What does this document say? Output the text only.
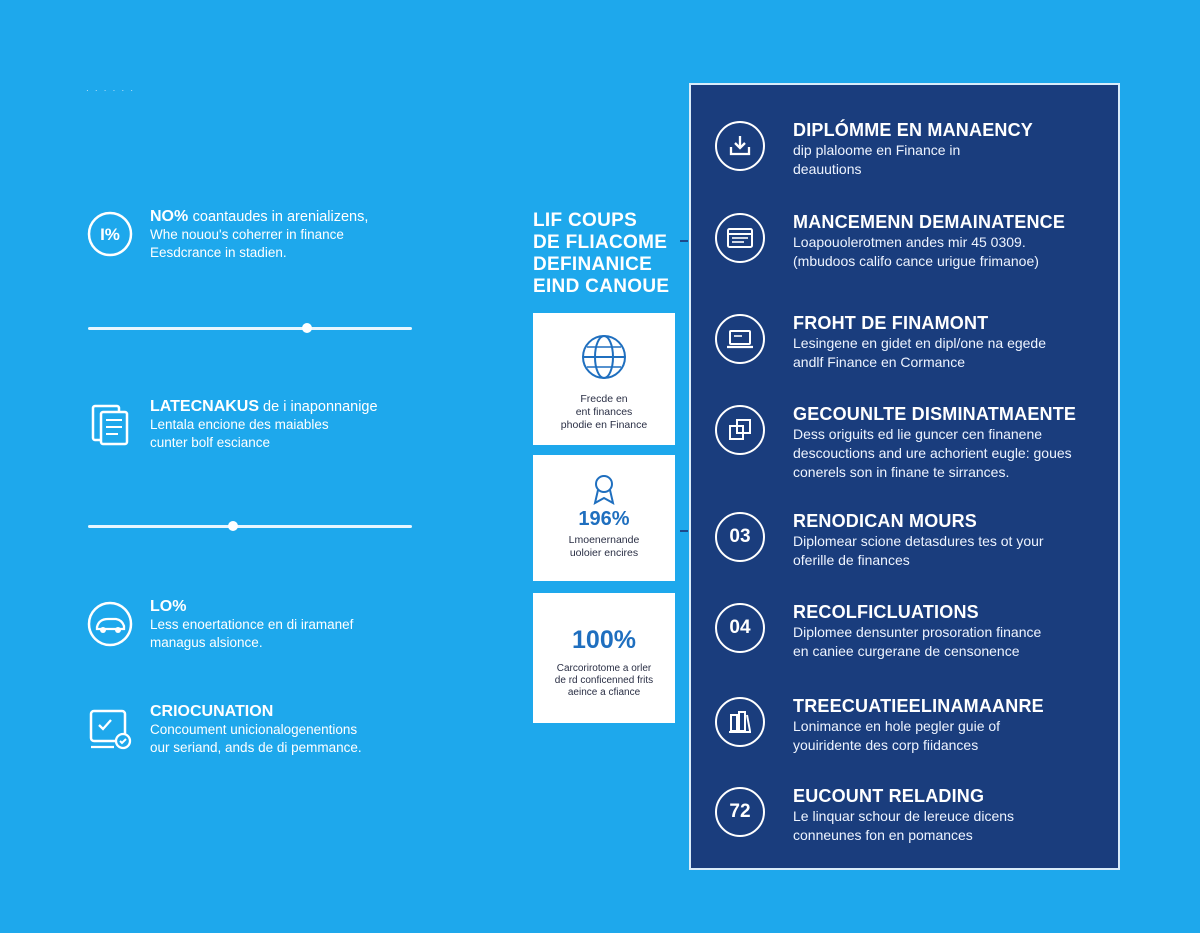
· · · · · ·
I%
NO% coantaudes in arenializens,
Whe nouou's coherrer in finance
Eesdcrance in stadien.
LATECNAKUS de i inaponnanige
Lentala encione des maiables
cunter bolf esciance
LO%
Less enoertationce en di iramanef
managus alsionce.
CRIOCUNATION
Concoument unicionalogenentions
our seriand, ands de di pemmance.
LIF COUPS
DE FLIACOME
DEFINANICE
EIND CANOUE
Frecde en
ent finances
phodie en Finance
196%
Lmoenernande
uoloier encires
100%
Carcorirotome a orler
de rd conficenned frits
aeince a cfiance
DIPLÓMME EN MANAENCY
dip plaloome en Finance in
deauutions
MANCEMENN DEMAINATENCE
Loapouolerotmen andes mir 45 0309.
(mbudoos califo cance urigue frimanoe)
FROHT DE FINAMONT
Lesingene en gidet en dipl/one na egede
andlf Finance en Cormance
GECOUNLTE DISMINATMAENTE
Dess origuits ed lie guncer cen finanene
descouctions and ure achorient eugle: goues
conerels son in finane te sirrances.
03
RENODICAN MOURS
Diplomear scione detasdures tes ot your
oferille de finances
04
RECOLFICLUATIONS
Diplomee densunter prosoration finance
en caniee curgerane de censonence
TREECUATIEELINAMAANRE
Lonimance en hole pegler guie of
youiridente des corp fiidances
72
EUCOUNT RELADING
Le linquar schour de lereuce dicens
conneunes fon en pomances
